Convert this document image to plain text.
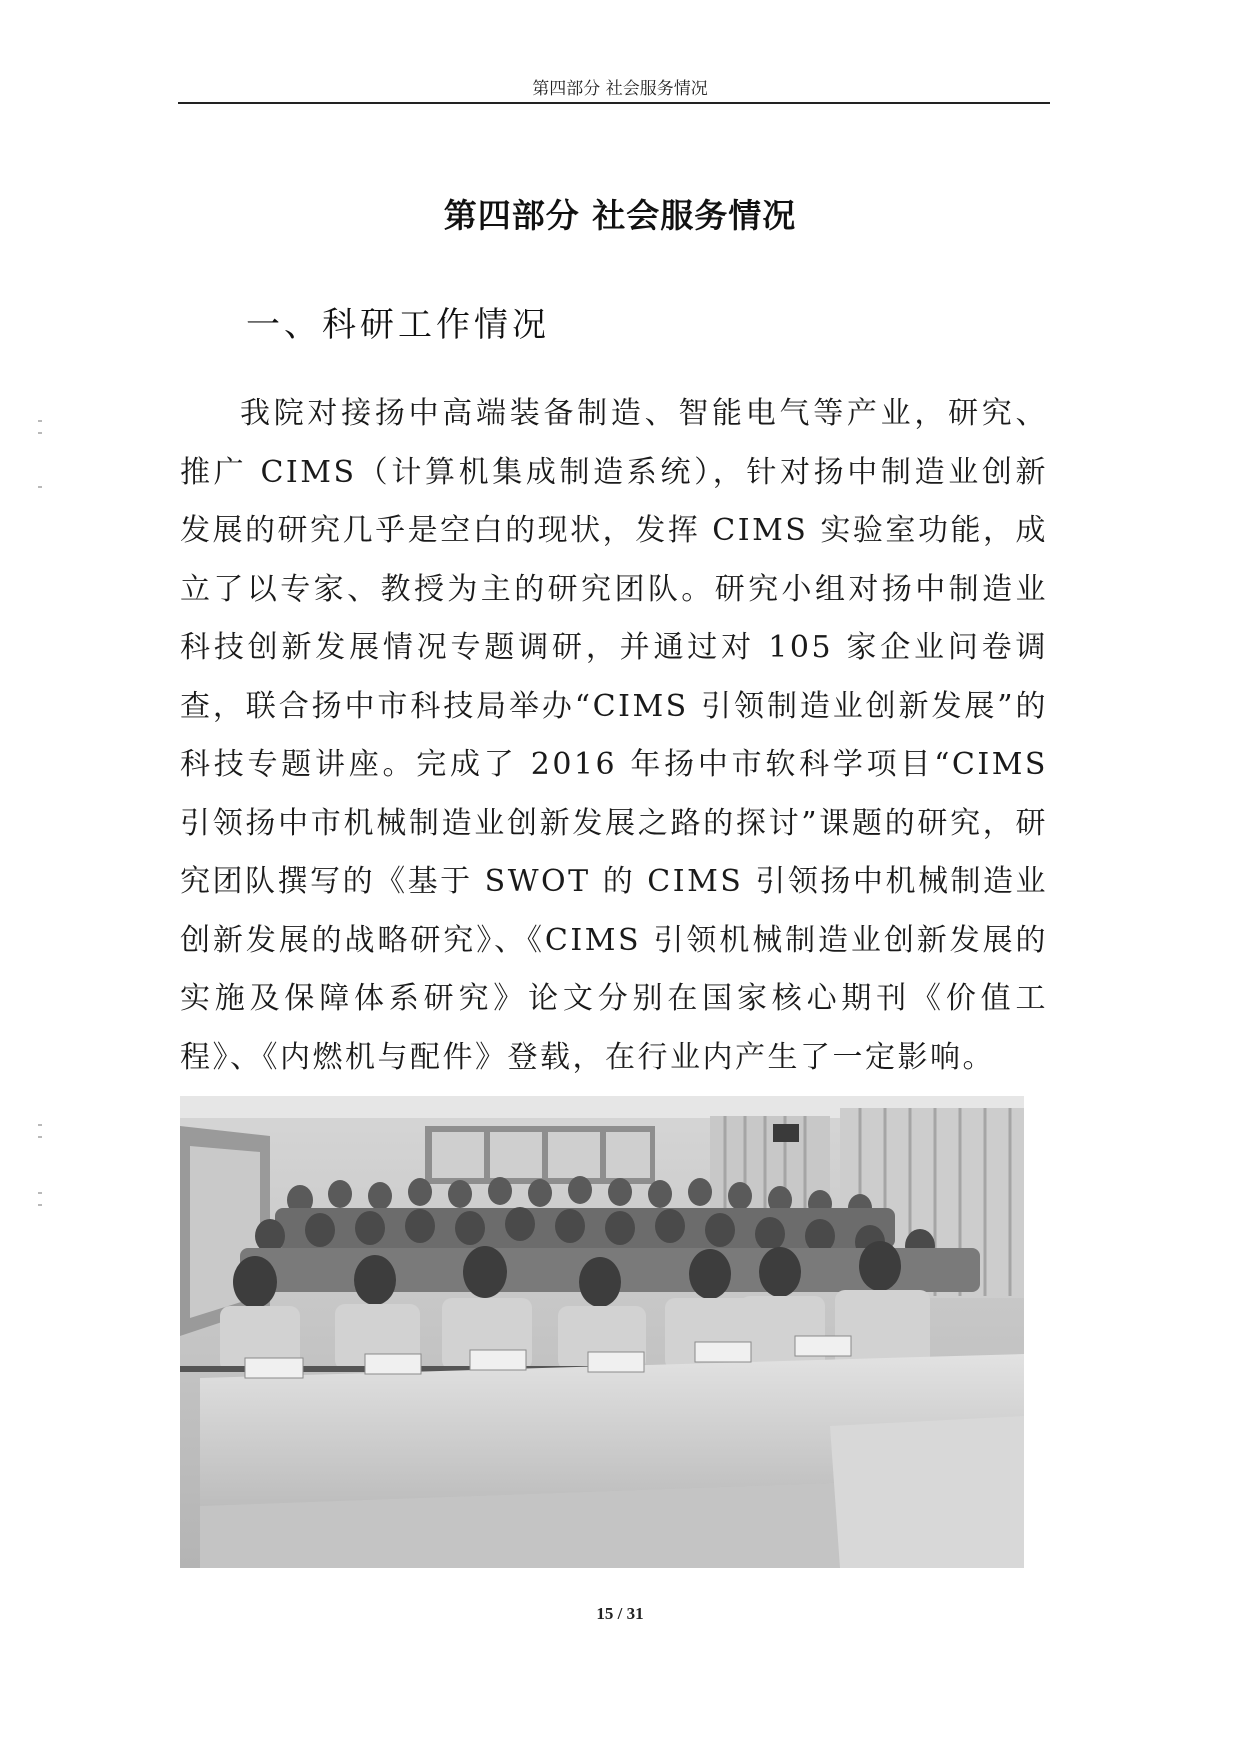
第四部分 社会服务情况
第四部分 社会服务情况
一、科研工作情况

我院对接扬中高端装备制造、智能电气等产业，研究、推广 CIMS（计算机集成制造系统），针对扬中制造业创新发展的研究几乎是空白的现状，发挥 CIMS 实验室功能，成立了以专家、教授为主的研究团队。研究小组对扬中制造业科技创新发展情况专题调研，并通过对 105 家企业问卷调查，联合扬中市科技局举办“CIMS 引领制造业创新发展”的科技专题讲座。完成了 2016 年扬中市软科学项目“CIMS 引领扬中市机械制造业创新发展之路的探讨”课题的研究，研究团队撰写的《基于 SWOT 的 CIMS 引领扬中机械制造业创新发展的战略研究》、《CIMS 引领机械制造业创新发展的实施及保障体系研究》论文分别在国家核心期刊《价值工程》、《内燃机与配件》登载，在行业内产生了一定影响。

15 / 31
